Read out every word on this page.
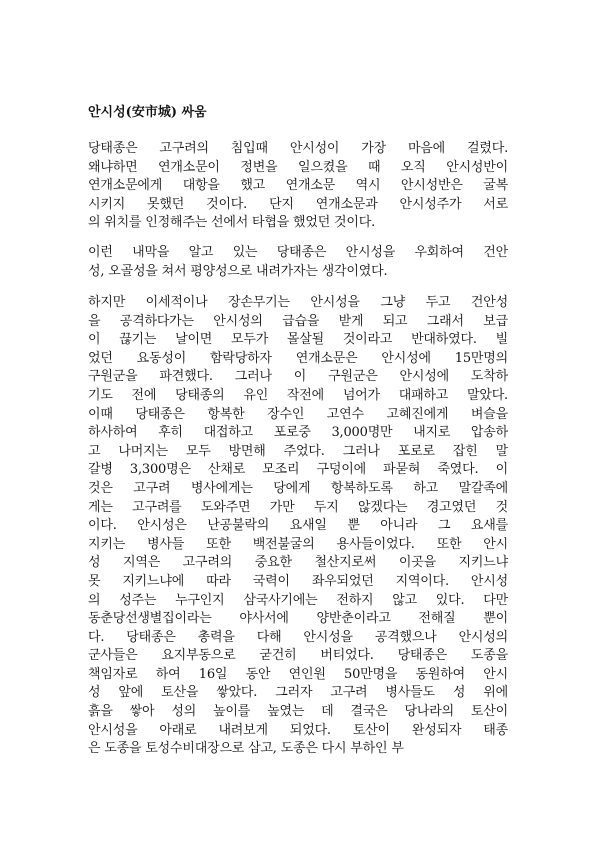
안시성(安市城) 싸움
당태종은 고구려의 침입때 안시성이 가장 마음에 걸렸다.
왜냐하면 연개소문이 정변을 일으켰을 때 오직 안시성반이
연개소문에게 대항을 했고 연개소문 역시 안시성반은 굴복
시키지 못했던 것이다. 단지 연개소문과 안시성주가 서로
의 위치를 인정해주는 선에서 타협을 했었던 것이다.
이런 내막을 알고 있는 당태종은 안시성을 우회하여 건안
성, 오골성을 쳐서 평양성으로 내려가자는 생각이였다.
하지만 이세적이나 장손무기는 안시성을 그냥 두고 건안성
을 공격하다가는 안시성의 급습을 받게 되고 그래서 보급
이 끊기는 날이면 모두가 몰살될 것이라고 반대하였다. 빌
었던 요동성이 함락당하자 연개소문은 안시성에 15만명의
구원군을 파견했다. 그러나 이 구원군은 안시성에 도착하
기도 전에 당태종의 유인 작전에 넘어가 대패하고 말았다.
이때 당태종은 항복한 장수인 고연수 고혜진에게 벼슬을
하사하여 후히 대접하고 포로중 3,000명만 내지로 압송하
고 나머지는 모두 방면해 주었다. 그러나 포로로 잡힌 말
갈병 3,300명은 산채로 모조리 구덩이에 파묻혀 죽였다. 이
것은 고구려 병사에게는 당에게 항복하도록 하고 말갈족에
게는 고구려를 도와주면 가만 두지 않겠다는 경고였던 것
이다. 안시성은 난공불락의 요새일 뿐 아니라 그 요새를
지키는 병사들 또한 백전불굴의 용사들이었다. 또한 안시
성 지역은 고구려의 중요한 철산지로써 이곳을 지키느냐
못 지키느냐에 따라 국력이 좌우되었던 지역이다. 안시성
의 성주는 누구인지 삼국사기에는 전하지 않고 있다. 다만
동춘당선생별집이라는 야사서에 양반춘이라고 전해질 뿐이
다. 당태종은 총력을 다해 안시성을 공격했으나 안시성의
군사들은 요지부동으로 굳건히 버티었다. 당태종은 도종을
책임자로 하여 16일 동안 연인원 50만명을 동원하여 안시
성 앞에 토산을 쌓았다. 그러자 고구려 병사들도 성 위에
흙을 쌓아 성의 높이를 높였는 데 결국은 당나라의 토산이
안시성을 아래로 내려보게 되었다. 토산이 완성되자 태종
은 도종을 토성수비대장으로 삼고, 도종은 다시 부하인 부
